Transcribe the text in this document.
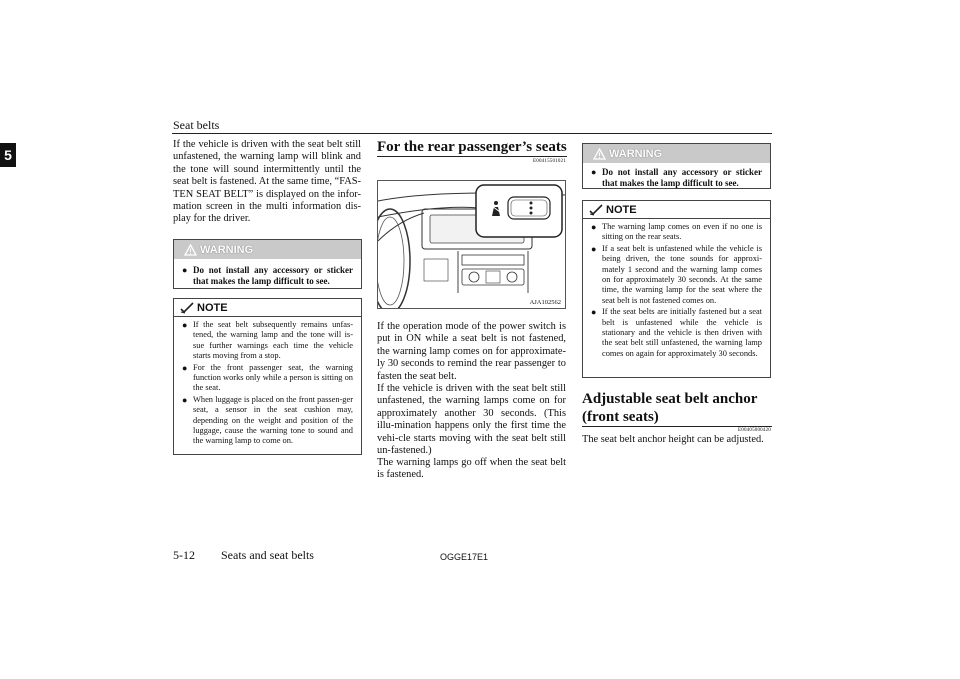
Seat belts
5
If the vehicle is driven with the seat belt still unfastened, the warning lamp will blink and the tone will sound intermittently until the seat belt is fastened. At the same time, “FAS-TEN SEAT BELT” is displayed on the infor-mation screen in the multi information dis-play for the driver.
WARNING
● Do not install any accessory or sticker that makes the lamp difficult to see.
NOTE
● If the seat belt subsequently remains unfas-tened, the warning lamp and the tone will is-sue further warnings each time the vehicle starts moving from a stop.
● For the front passenger seat, the warning function works only while a person is sitting on the seat.
● When luggage is placed on the front passen-ger seat, a sensor in the seat cushion may, depending on the weight and position of the luggage, cause the warning tone to sound and the warning lamp to come on.
For the rear passenger’s seats
E00415501021
AJA102562
If the operation mode of the power switch is put in ON while a seat belt is not fastened, the warning lamp comes on for approximate-ly 30 seconds to remind the rear passenger to fasten the seat belt.
If the vehicle is driven with the seat belt still unfastened, the warning lamps come on for approximately another 30 seconds. (This illu-mination happens only the first time the vehi-cle starts moving with the seat belt still un-fastened.)
The warning lamps go off when the seat belt is fastened.
WARNING
● Do not install any accessory or sticker that makes the lamp difficult to see.
NOTE
● The warning lamp comes on even if no one is sitting on the rear seats.
● If a seat belt is unfastened while the vehicle is being driven, the tone sounds for approxi-mately 1 second and the warning lamp comes on for approximately 30 seconds. At the same time, the warning lamp for the seat where the seat belt is not fastened comes on.
● If the seat belts are initially fastened but a seat belt is unfastened while the vehicle is stationary and the vehicle is then driven with the seat belt still unfastened, the warning lamp comes on again for approximately 30 seconds.
Adjustable seat belt anchor
(front seats)
E00405000420
The seat belt anchor height can be adjusted.
5-12 Seats and seat belts	OGGE17E1
